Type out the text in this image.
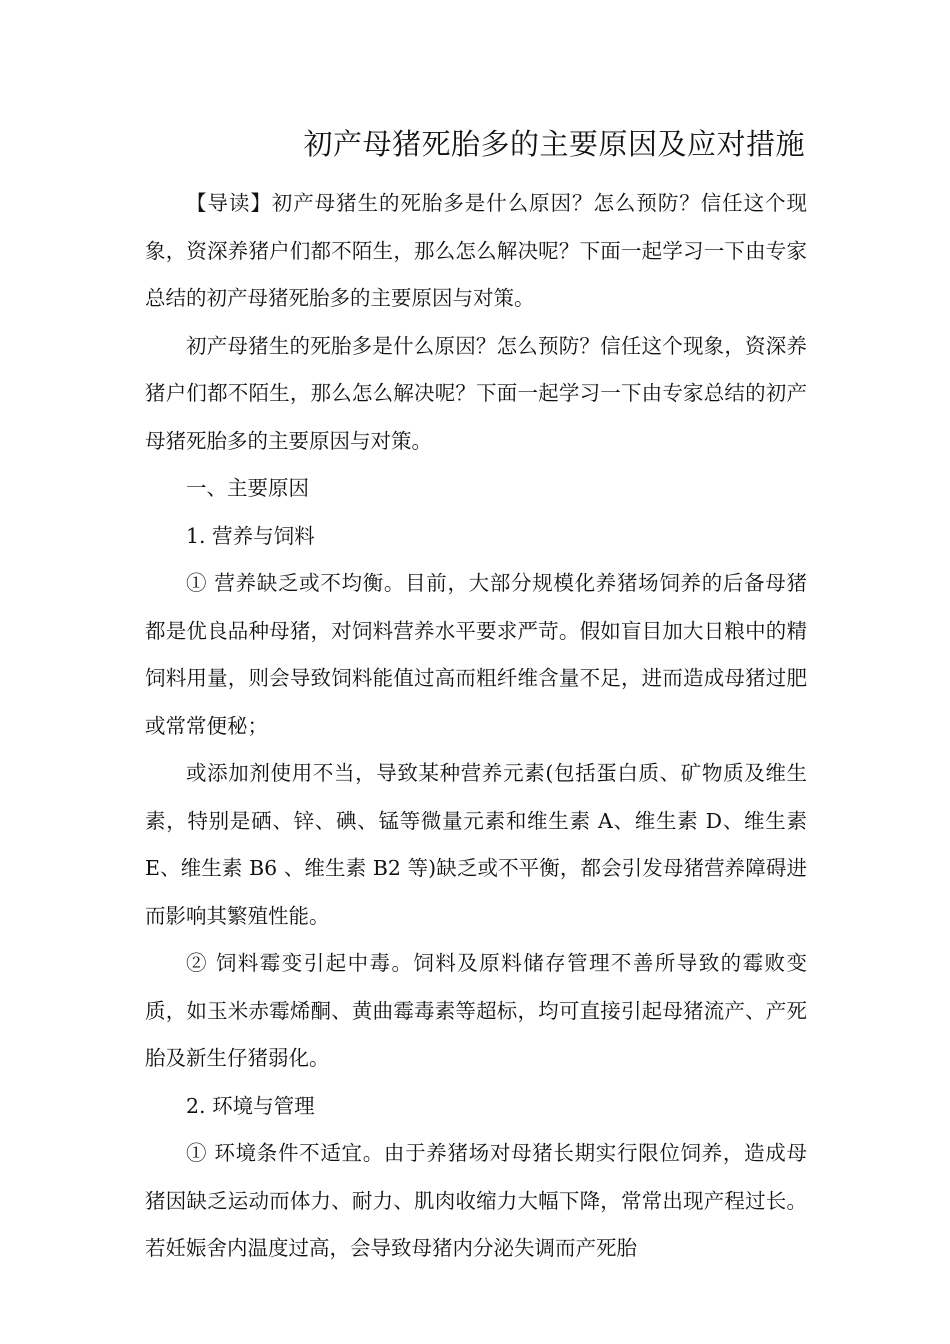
初产母猪死胎多的主要原因及应对措施

【导读】初产母猪生的死胎多是什么原因？怎么预防？信任这个现象，资深养猪户们都不陌生，那么怎么解决呢？下面一起学习一下由专家总结的初产母猪死胎多的主要原因与对策。

初产母猪生的死胎多是什么原因？怎么预防？信任这个现象，资深养猪户们都不陌生，那么怎么解决呢？下面一起学习一下由专家总结的初产母猪死胎多的主要原因与对策。

一、主要原因

1. 营养与饲料

① 营养缺乏或不均衡。目前，大部分规模化养猪场饲养的后备母猪都是优良品种母猪，对饲料营养水平要求严苛。假如盲目加大日粮中的精饲料用量，则会导致饲料能值过高而粗纤维含量不足，进而造成母猪过肥或常常便秘；

或添加剂使用不当，导致某种营养元素(包括蛋白质、矿物质及维生素，特别是硒、锌、碘、锰等微量元素和维生素 A、维生素 D、维生素 E、维生素 B6 、维生素 B2 等)缺乏或不平衡，都会引发母猪营养障碍进而影响其繁殖性能。

② 饲料霉变引起中毒。饲料及原料储存管理不善所导致的霉败变质，如玉米赤霉烯酮、黄曲霉毒素等超标，均可直接引起母猪流产、产死胎及新生仔猪弱化。

2. 环境与管理

① 环境条件不适宜。由于养猪场对母猪长期实行限位饲养，造成母猪因缺乏运动而体力、耐力、肌肉收缩力大幅下降，常常出现产程过长。若妊娠舍内温度过高，会导致母猪内分泌失调而产死胎
